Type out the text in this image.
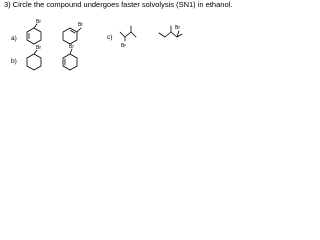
3) Circle the compound undergoes faster solvolysis (SN1) in ethanol.
a)
b)
c)
Br	Br
Br	Br	Br
Br
